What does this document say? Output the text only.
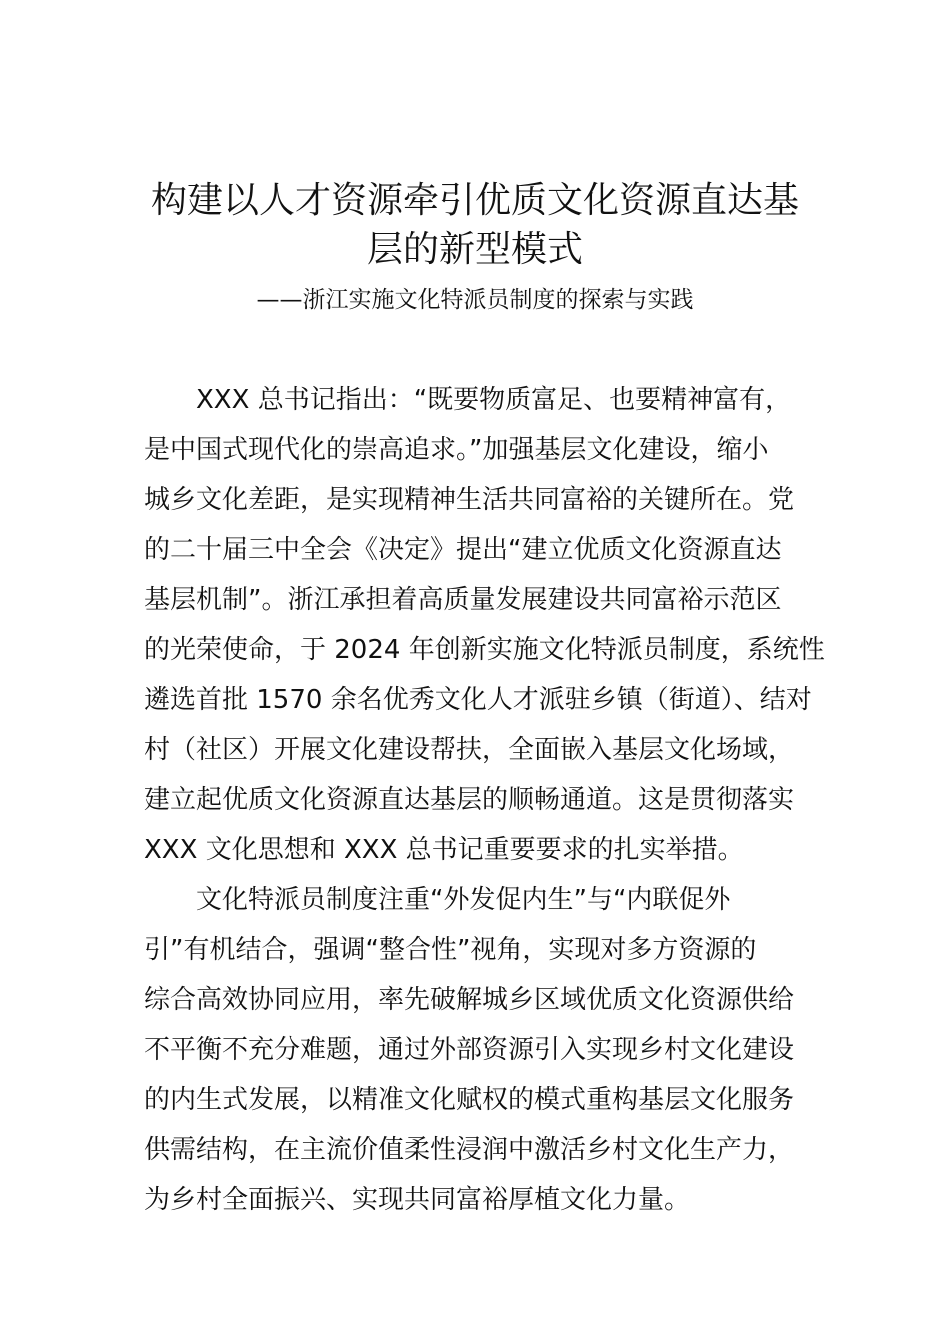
构建以人才资源牵引优质文化资源直达基
层的新型模式
——浙江实施文化特派员制度的探索与实践
XXX 总书记指出：“既要物质富足、也要精神富有，
是中国式现代化的崇高追求。”加强基层文化建设，缩小
城乡文化差距，是实现精神生活共同富裕的关键所在。党
的二十届三中全会《决定》提出“建立优质文化资源直达
基层机制”。浙江承担着高质量发展建设共同富裕示范区
的光荣使命，于 2024 年创新实施文化特派员制度，系统性
遴选首批 1570 余名优秀文化人才派驻乡镇（街道）、结对
村（社区）开展文化建设帮扶，全面嵌入基层文化场域，
建立起优质文化资源直达基层的顺畅通道。这是贯彻落实
XXX 文化思想和 XXX 总书记重要要求的扎实举措。
文化特派员制度注重“外发促内生”与“内联促外
引”有机结合，强调“整合性”视角，实现对多方资源的
综合高效协同应用，率先破解城乡区域优质文化资源供给
不平衡不充分难题，通过外部资源引入实现乡村文化建设
的内生式发展，以精准文化赋权的模式重构基层文化服务
供需结构，在主流价值柔性浸润中激活乡村文化生产力，
为乡村全面振兴、实现共同富裕厚植文化力量。
